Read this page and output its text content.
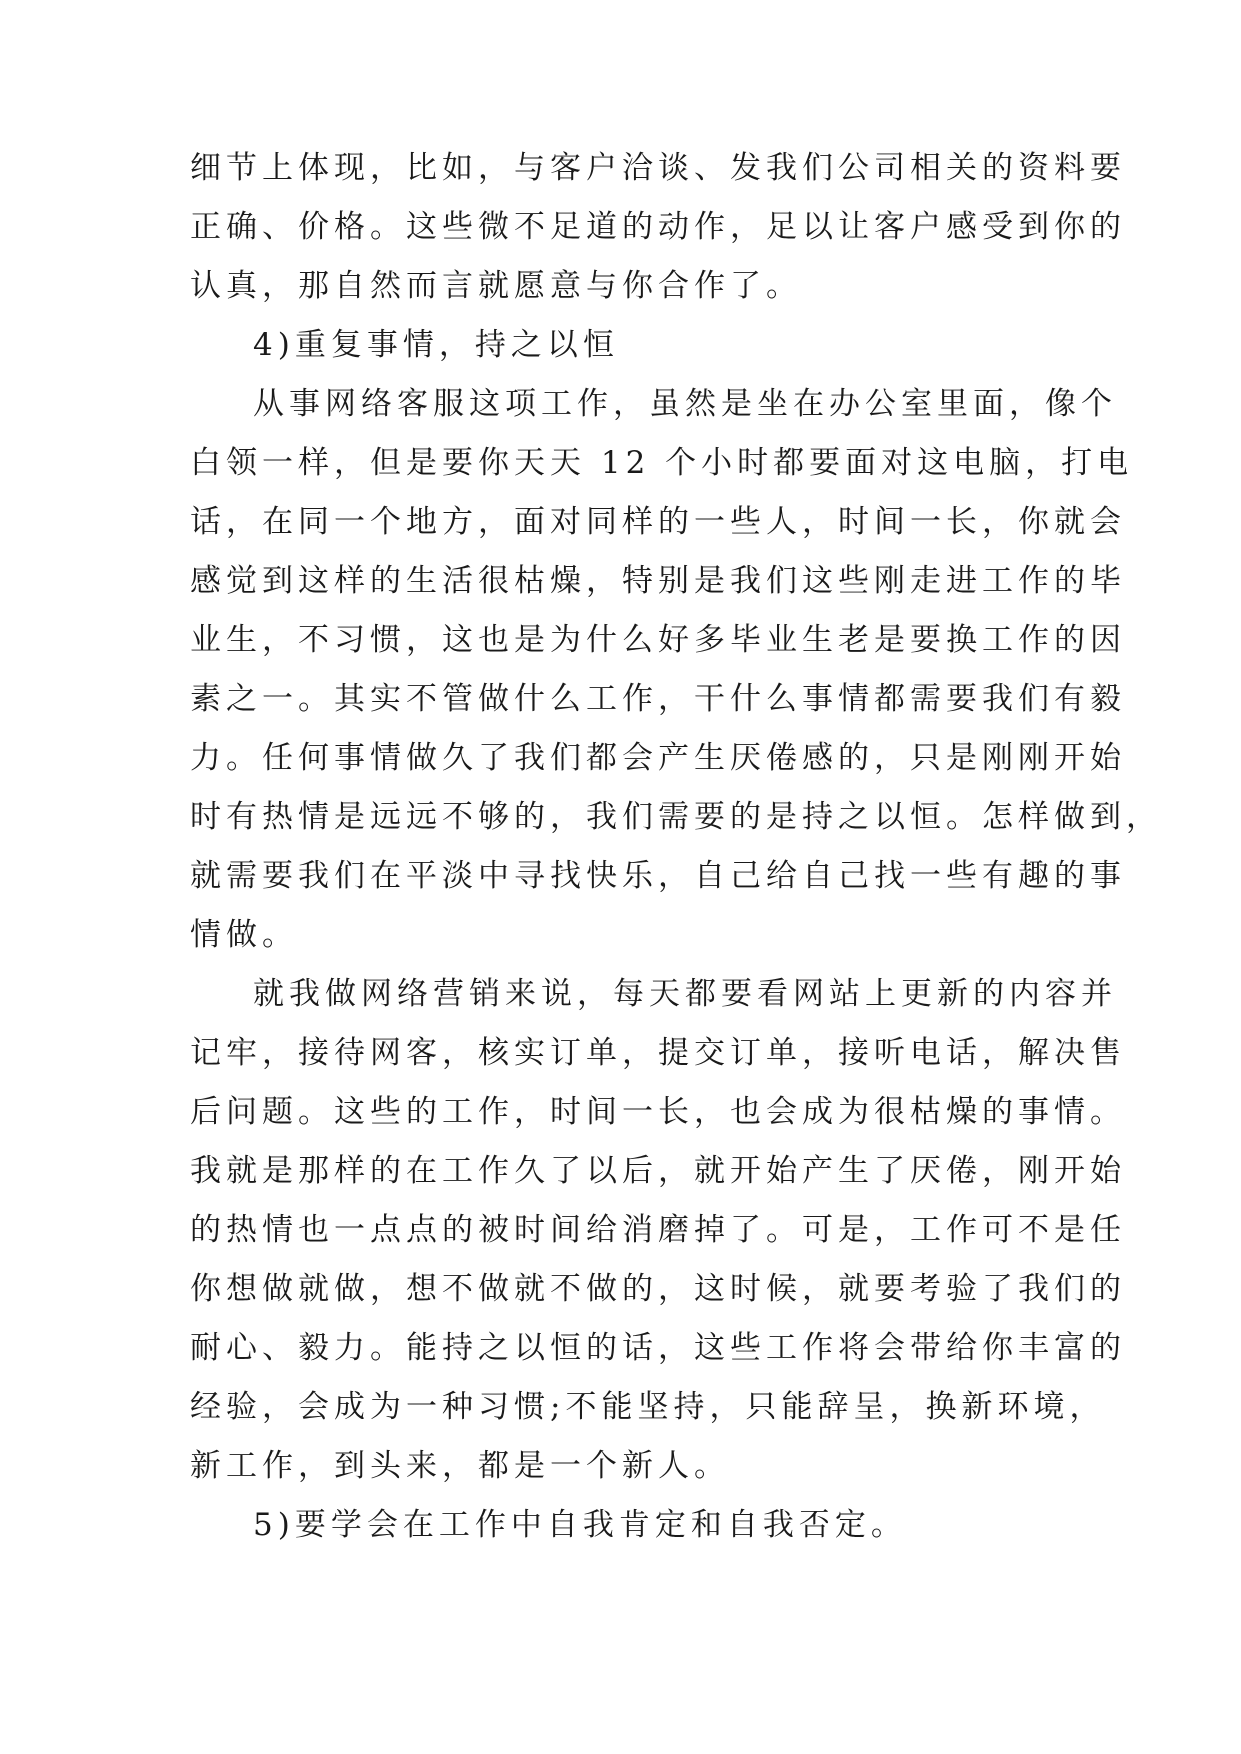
细节上体现，比如，与客户洽谈、发我们公司相关的资料要
正确、价格。这些微不足道的动作，足以让客户感受到你的
认真，那自然而言就愿意与你合作了。
4)重复事情，持之以恒
从事网络客服这项工作，虽然是坐在办公室里面，像个
白领一样，但是要你天天 12 个小时都要面对这电脑，打电
话，在同一个地方，面对同样的一些人，时间一长，你就会
感觉到这样的生活很枯燥，特别是我们这些刚走进工作的毕
业生，不习惯，这也是为什么好多毕业生老是要换工作的因
素之一。其实不管做什么工作，干什么事情都需要我们有毅
力。任何事情做久了我们都会产生厌倦感的，只是刚刚开始
时有热情是远远不够的，我们需要的是持之以恒。怎样做到，
就需要我们在平淡中寻找快乐，自己给自己找一些有趣的事
情做。
就我做网络营销来说，每天都要看网站上更新的内容并
记牢，接待网客，核实订单，提交订单，接听电话，解决售
后问题。这些的工作，时间一长，也会成为很枯燥的事情。
我就是那样的在工作久了以后，就开始产生了厌倦，刚开始
的热情也一点点的被时间给消磨掉了。可是，工作可不是任
你想做就做，想不做就不做的，这时候，就要考验了我们的
耐心、毅力。能持之以恒的话，这些工作将会带给你丰富的
经验，会成为一种习惯;不能坚持，只能辞呈，换新环境，
新工作，到头来，都是一个新人。
5)要学会在工作中自我肯定和自我否定。
